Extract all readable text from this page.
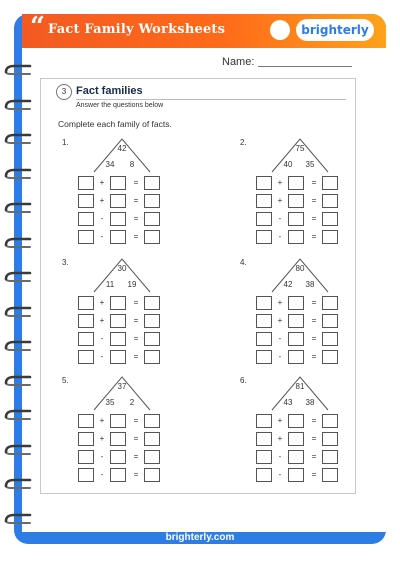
“ Fact Family Worksheets	brighterly
Name:
3 Fact families
Answer the questions below
Complete each family of facts.
1.
42
34	8
+	=
+	=
-	=
-	=
2.
75
40	35
+	=
+	=
-	=
-	=
3.
30
11	19
+	=
+	=
-	=
-	=
4.
80
42	38
+	=
+	=
-	=
-	=
5.
37
35	2
+	=
+	=
-	=
-	=
6.
81
43	38
+	=
+	=
-	=
-	=
brighterly.com
